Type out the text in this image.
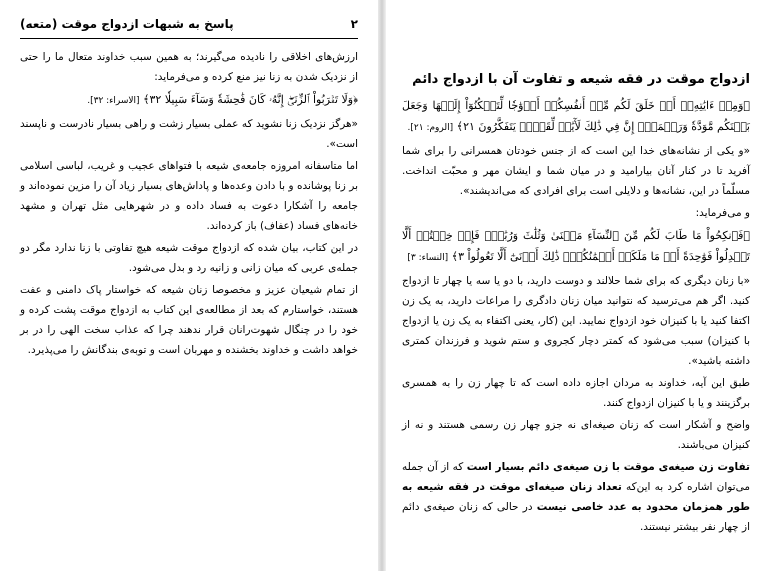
۲
پاسخ به شبهات ازدواج موقت (متعه)

ارزش‌های اخلاقی را نادیده می‌گیرند؛ به همین سبب خداوند متعال ما را حتی از نزدیک شدن به زنا نیز منع کرده و می‌فرماید:

﴿وَلَا تَقۡرَبُواْ ٱلزِّنَىٰٓۖ إِنَّهُۥ كَانَ فَٰحِشَةٗ وَسَآءَ سَبِيلٗا ٣٢﴾ [الاسراء: ۳۲].

«هرگز نزدیک زنا نشوید که عملی بسیار زشت و راهی بسیار نادرست و ناپسند است».

اما متاسفانه امروزه جامعه‌ی شیعه با فتواهای عجیب و غریب، لباسی اسلامی بر زنا پوشانده و با دادن وعده‌ها و پاداش‌های بسیار زیاد آن را مزین نموده‌اند و جامعه را آشکارا دعوت به فساد داده و در شهرهایی مثل تهران و مشهد خانه‌های فساد (عفاف) باز کرده‌اند.

در این کتاب، بیان شده که ازدواج موقت شیعه هیچ تفاوتی با زنا ندارد مگر دو جمله‌ی عربی که میان زانی و زانیه رد و بدل می‌شود.

از تمام شیعیان عزیز و مخصوصا زنان شیعه که خواستار پاک دامنی و عفت هستند، خواستارم که بعد از مطالعه‌ی این کتاب به ازدواج موقت پشت کرده و خود را در چنگال شهوت‌رانان قرار ندهند چرا که عذاب سخت الهی را در بر خواهد داشت و خداوند بخشنده و مهربان است و توبه‌ی بندگانش را می‌پذیرد.

ازدواج موقت در فقه شیعه و تفاوت آن با ازدواج دائم

﴿وَمِنۡ ءَايَٰتِهِۦٓ أَنۡ خَلَقَ لَكُم مِّنۡ أَنفُسِكُمۡ أَزۡوَٰجٗا لِّتَسۡكُنُوٓاْ إِلَيۡهَا وَجَعَلَ بَيۡنَكُم مَّوَدَّةٗ وَرَحۡمَةًۚ إِنَّ فِي ذَٰلِكَ لَأٓيَٰتٖ لِّقَوۡمٖ يَتَفَكَّرُونَ ٢١﴾ [الروم: ۲۱].

«و یکی از نشانه‌های خدا این است که از جنس خودتان همسرانی را برای شما آفرید تا در کنار آنان بیارامید و در میان شما و ایشان مهر و محبّت انداخت. مسلّماً در این، نشانه‌ها و دلایلی است برای افرادی که می‌اندیشند».

و می‌فرماید:

﴿فَٱنكِحُواْ مَا طَابَ لَكُم مِّنَ ٱلنِّسَآءِ مَثۡنَىٰ وَثُلَٰثَ وَرُبَٰعَۖ فَإِنۡ خِفۡتُمۡ أَلَّا تَعۡدِلُواْ فَوَٰحِدَةً أَوۡ مَا مَلَكَتۡ أَيۡمَٰنُكُمۡۚ ذَٰلِكَ أَدۡنَىٰٓ أَلَّا تَعُولُواْ ٣﴾ [النساء: ۳]

«با زنان دیگری که برای شما حلالند و دوست دارید، با دو یا سه یا چهار تا ازدواج کنید. اگر هم می‌ترسید که نتوانید میان زنان دادگری را مراعات دارید، به یک زن اکتفا کنید یا با کنیزان خود ازدواج نمایید. این (کار، یعنی اکتفاء به یک زن یا ازدواج با کنیزان) سبب می‌شود که کمتر دچار کجروی و ستم شوید و فرزندان کمتری داشته باشید».

طبق این آیه، خداوند به مردان اجازه داده است که تا چهار زن را به همسری برگزینند و یا با کنیزان ازدواج کنند.

واضح و آشکار است که زنان صیغه‌ای نه جزو چهار زن رسمی هستند و نه از کنیزان می‌باشند.

تفاوت زن صیغه‌ی موقت با زن صیغه‌ی دائم بسیار است که از آن جمله می‌توان اشاره کرد به این‌که تعداد زنان صیغه‌ای موقت در فقه شیعه به طور همزمان محدود به عدد خاصی نیست در حالی که زنان صیغه‌ی دائم از چهار نفر بیشتر نیستند.
